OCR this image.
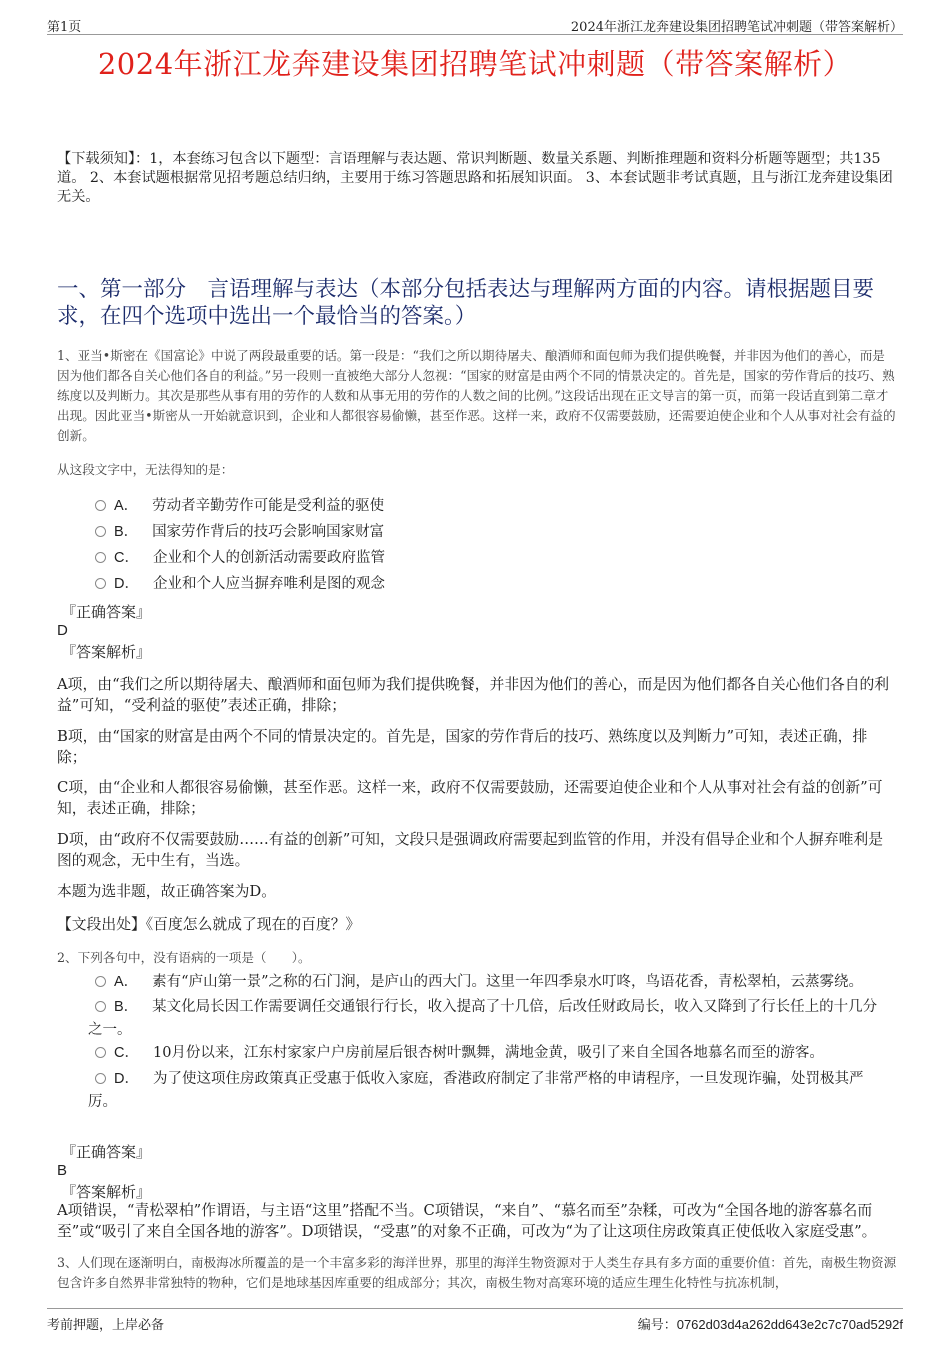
第1页	2024年浙江龙奔建设集团招聘笔试冲刺题（带答案解析）
2024年浙江龙奔建设集团招聘笔试冲刺题（带答案解析）
【下载须知】：1，本套练习包含以下题型：言语理解与表达题、常识判断题、数量关系题、判断推理题和资料分析题等题型；共135道。 2、本套试题根据常见招考题总结归纳，主要用于练习答题思路和拓展知识面。 3、本套试题非考试真题，且与浙江龙奔建设集团无关。
一、第一部分　言语理解与表达（本部分包括表达与理解两方面的内容。请根据题目要求，在四个选项中选出一个最恰当的答案。）
1、亚当•斯密在《国富论》中说了两段最重要的话。第一段是：“我们之所以期待屠夫、酿酒师和面包师为我们提供晚餐，并非因为他们的善心，而是因为他们都各自关心他们各自的利益。”另一段则一直被绝大部分人忽视：“国家的财富是由两个不同的情景决定的。首先是，国家的劳作背后的技巧、熟练度以及判断力。其次是那些从事有用的劳作的人数和从事无用的劳作的人数之间的比例。”这段话出现在正文导言的第一页，而第一段话直到第二章才出现。因此亚当•斯密从一开始就意识到，企业和人都很容易偷懒，甚至作恶。这样一来，政府不仅需要鼓励，还需要迫使企业和个人从事对社会有益的创新。
从这段文字中，无法得知的是：
A． 劳动者辛勤劳作可能是受利益的驱使
B． 国家劳作背后的技巧会影响国家财富
C． 企业和个人的创新活动需要政府监管
D． 企业和个人应当摒弃唯利是图的观念
『正确答案』
D
『答案解析』
A项，由“我们之所以期待屠夫、酿酒师和面包师为我们提供晚餐，并非因为他们的善心，而是因为他们都各自关心他们各自的利益”可知，“受利益的驱使”表述正确，排除；
B项，由“国家的财富是由两个不同的情景决定的。首先是，国家的劳作背后的技巧、熟练度以及判断力”可知，表述正确，排除；
C项，由“企业和人都很容易偷懒，甚至作恶。这样一来，政府不仅需要鼓励，还需要迫使企业和个人从事对社会有益的创新”可知，表述正确，排除；
D项，由“政府不仅需要鼓励……有益的创新”可知，文段只是强调政府需要起到监管的作用，并没有倡导企业和个人摒弃唯利是图的观念，无中生有，当选。
本题为选非题，故正确答案为D。
【文段出处】《百度怎么就成了现在的百度？》
2、下列各句中，没有语病的一项是（　　）。
A． 素有“庐山第一景”之称的石门涧，是庐山的西大门。这里一年四季泉水叮咚，鸟语花香，青松翠柏，云蒸雾绕。
B． 某文化局长因工作需要调任交通银行行长，收入提高了十几倍，后改任财政局长，收入又降到了行长任上的十几分之一。
C． 10月份以来，江东村家家户户房前屋后银杏树叶飘舞，满地金黄，吸引了来自全国各地慕名而至的游客。
D． 为了使这项住房政策真正受惠于低收入家庭，香港政府制定了非常严格的申请程序，一旦发现诈骗，处罚极其严厉。
『正确答案』
B
『答案解析』
A项错误，“青松翠柏”作谓语，与主语“这里”搭配不当。C项错误，“来自”、“慕名而至”杂糅，可改为“全国各地的游客慕名而至”或“吸引了来自全国各地的游客”。D项错误，“受惠”的对象不正确，可改为“为了让这项住房政策真正使低收入家庭受惠”。
3、人们现在逐渐明白，南极海冰所覆盖的是一个丰富多彩的海洋世界，那里的海洋生物资源对于人类生存具有多方面的重要价值：首先，南极生物资源包含许多自然界非常独特的物种，它们是地球基因库重要的组成部分；其次，南极生物对高寒环境的适应生理生化特性与抗冻机制，
考前押题，上岸必备	编号：0762d03d4a262dd643e2c7c70ad5292f
